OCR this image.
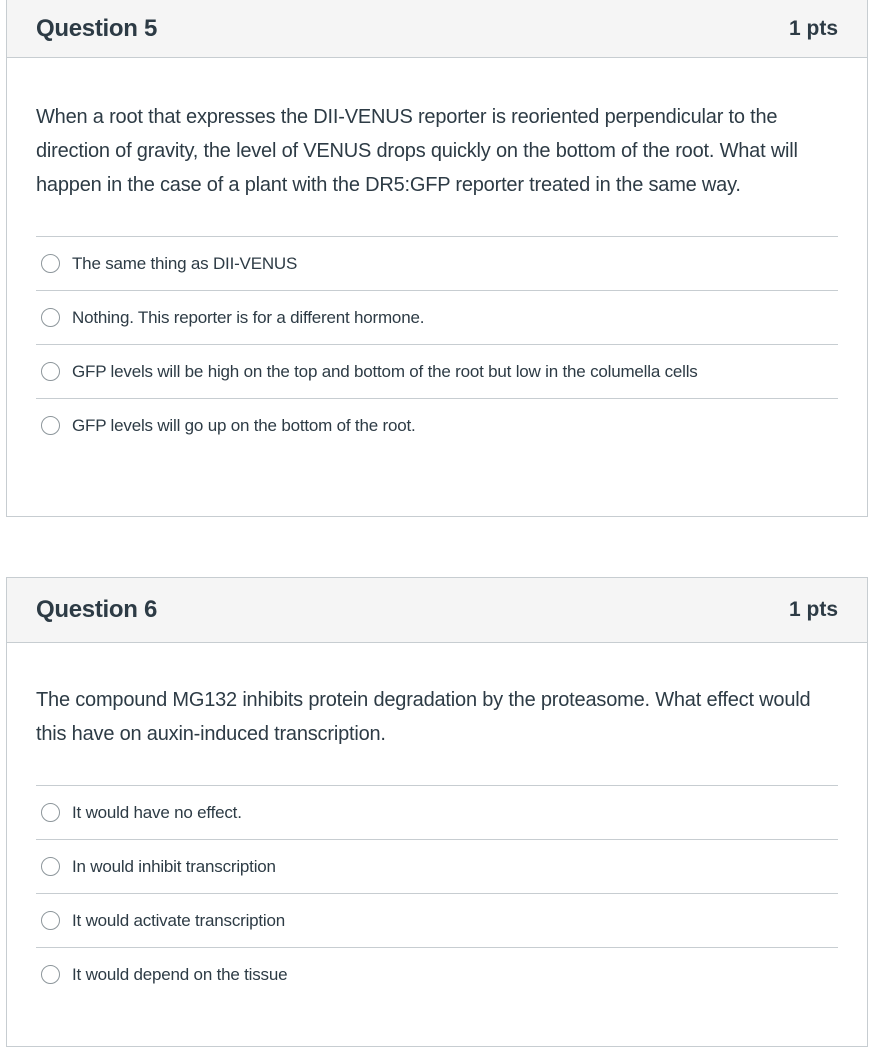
Question 5	1 pts

When a root that expresses the DII-VENUS reporter is reoriented perpendicular to the direction of gravity, the level of VENUS drops quickly on the bottom of the root. What will happen in the case of a plant with the DR5:GFP reporter treated in the same way.

The same thing as DII-VENUS
Nothing. This reporter is for a different hormone.
GFP levels will be high on the top and bottom of the root but low in the columella cells
GFP levels will go up on the bottom of the root.
Question 6	1 pts

The compound MG132 inhibits protein degradation by the proteasome. What effect would this have on auxin-induced transcription.

It would have no effect.
In would inhibit transcription
It would activate transcription
It would depend on the tissue
